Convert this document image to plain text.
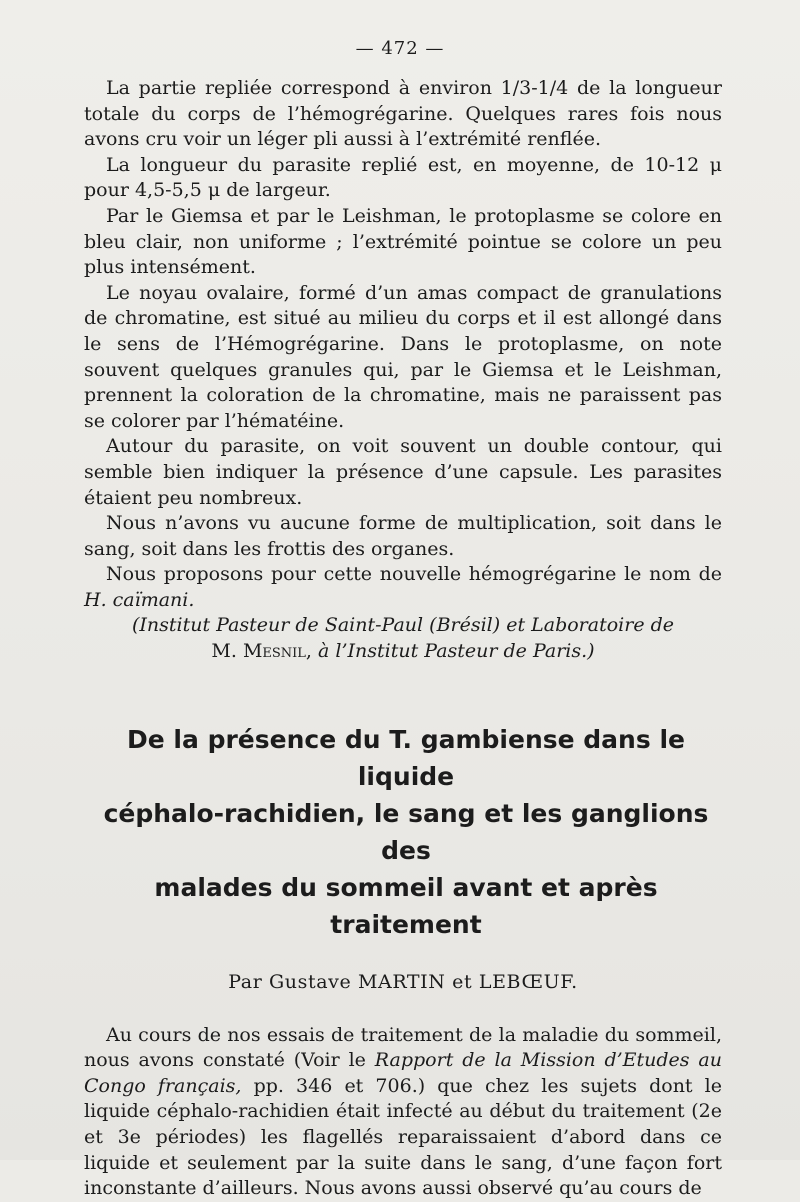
— 472 —

La partie repliée correspond à environ 1/3-1/4 de la longueur totale du corps de l’hémogrégarine. Quelques rares fois nous avons cru voir un léger pli aussi à l’extrémité renflée.

La longueur du parasite replié est, en moyenne, de 10-12 μ pour 4,5-5,5 μ de largeur.

Par le Giemsa et par le Leishman, le protoplasme se colore en bleu clair, non uniforme ; l’extrémité pointue se colore un peu plus intensément.

Le noyau ovalaire, formé d’un amas compact de granulations de chromatine, est situé au milieu du corps et il est allongé dans le sens de l’Hémogrégarine. Dans le protoplasme, on note souvent quelques granules qui, par le Giemsa et le Leishman, prennent la coloration de la chromatine, mais ne paraissent pas se colorer par l’hématéine.

Autour du parasite, on voit souvent un double contour, qui semble bien indiquer la présence d’une capsule. Les parasites étaient peu nombreux.

Nous n’avons vu aucune forme de multiplication, soit dans le sang, soit dans les frottis des organes.

Nous proposons pour cette nouvelle hémogrégarine le nom de H. caïmani.

(Institut Pasteur de Saint-Paul (Brésil) et Laboratoire de
M. Mesnil, à l’Institut Pasteur de Paris.)

De la présence du T. gambiense dans le liquide
céphalo-rachidien, le sang et les ganglions des
malades du sommeil avant et après traitement
Par Gustave MARTIN et LEBŒUF.

Au cours de nos essais de traitement de la maladie du sommeil, nous avons constaté (Voir le Rapport de la Mission d’Etudes au Congo français, pp. 346 et 706.) que chez les sujets dont le liquide céphalo-rachidien était infecté au début du traitement (2e et 3e périodes) les flagellés reparaissaient d’abord dans ce liquide et seulement par la suite dans le sang, d’une façon fort inconstante d’ailleurs. Nous avons aussi observé qu’au cours de
